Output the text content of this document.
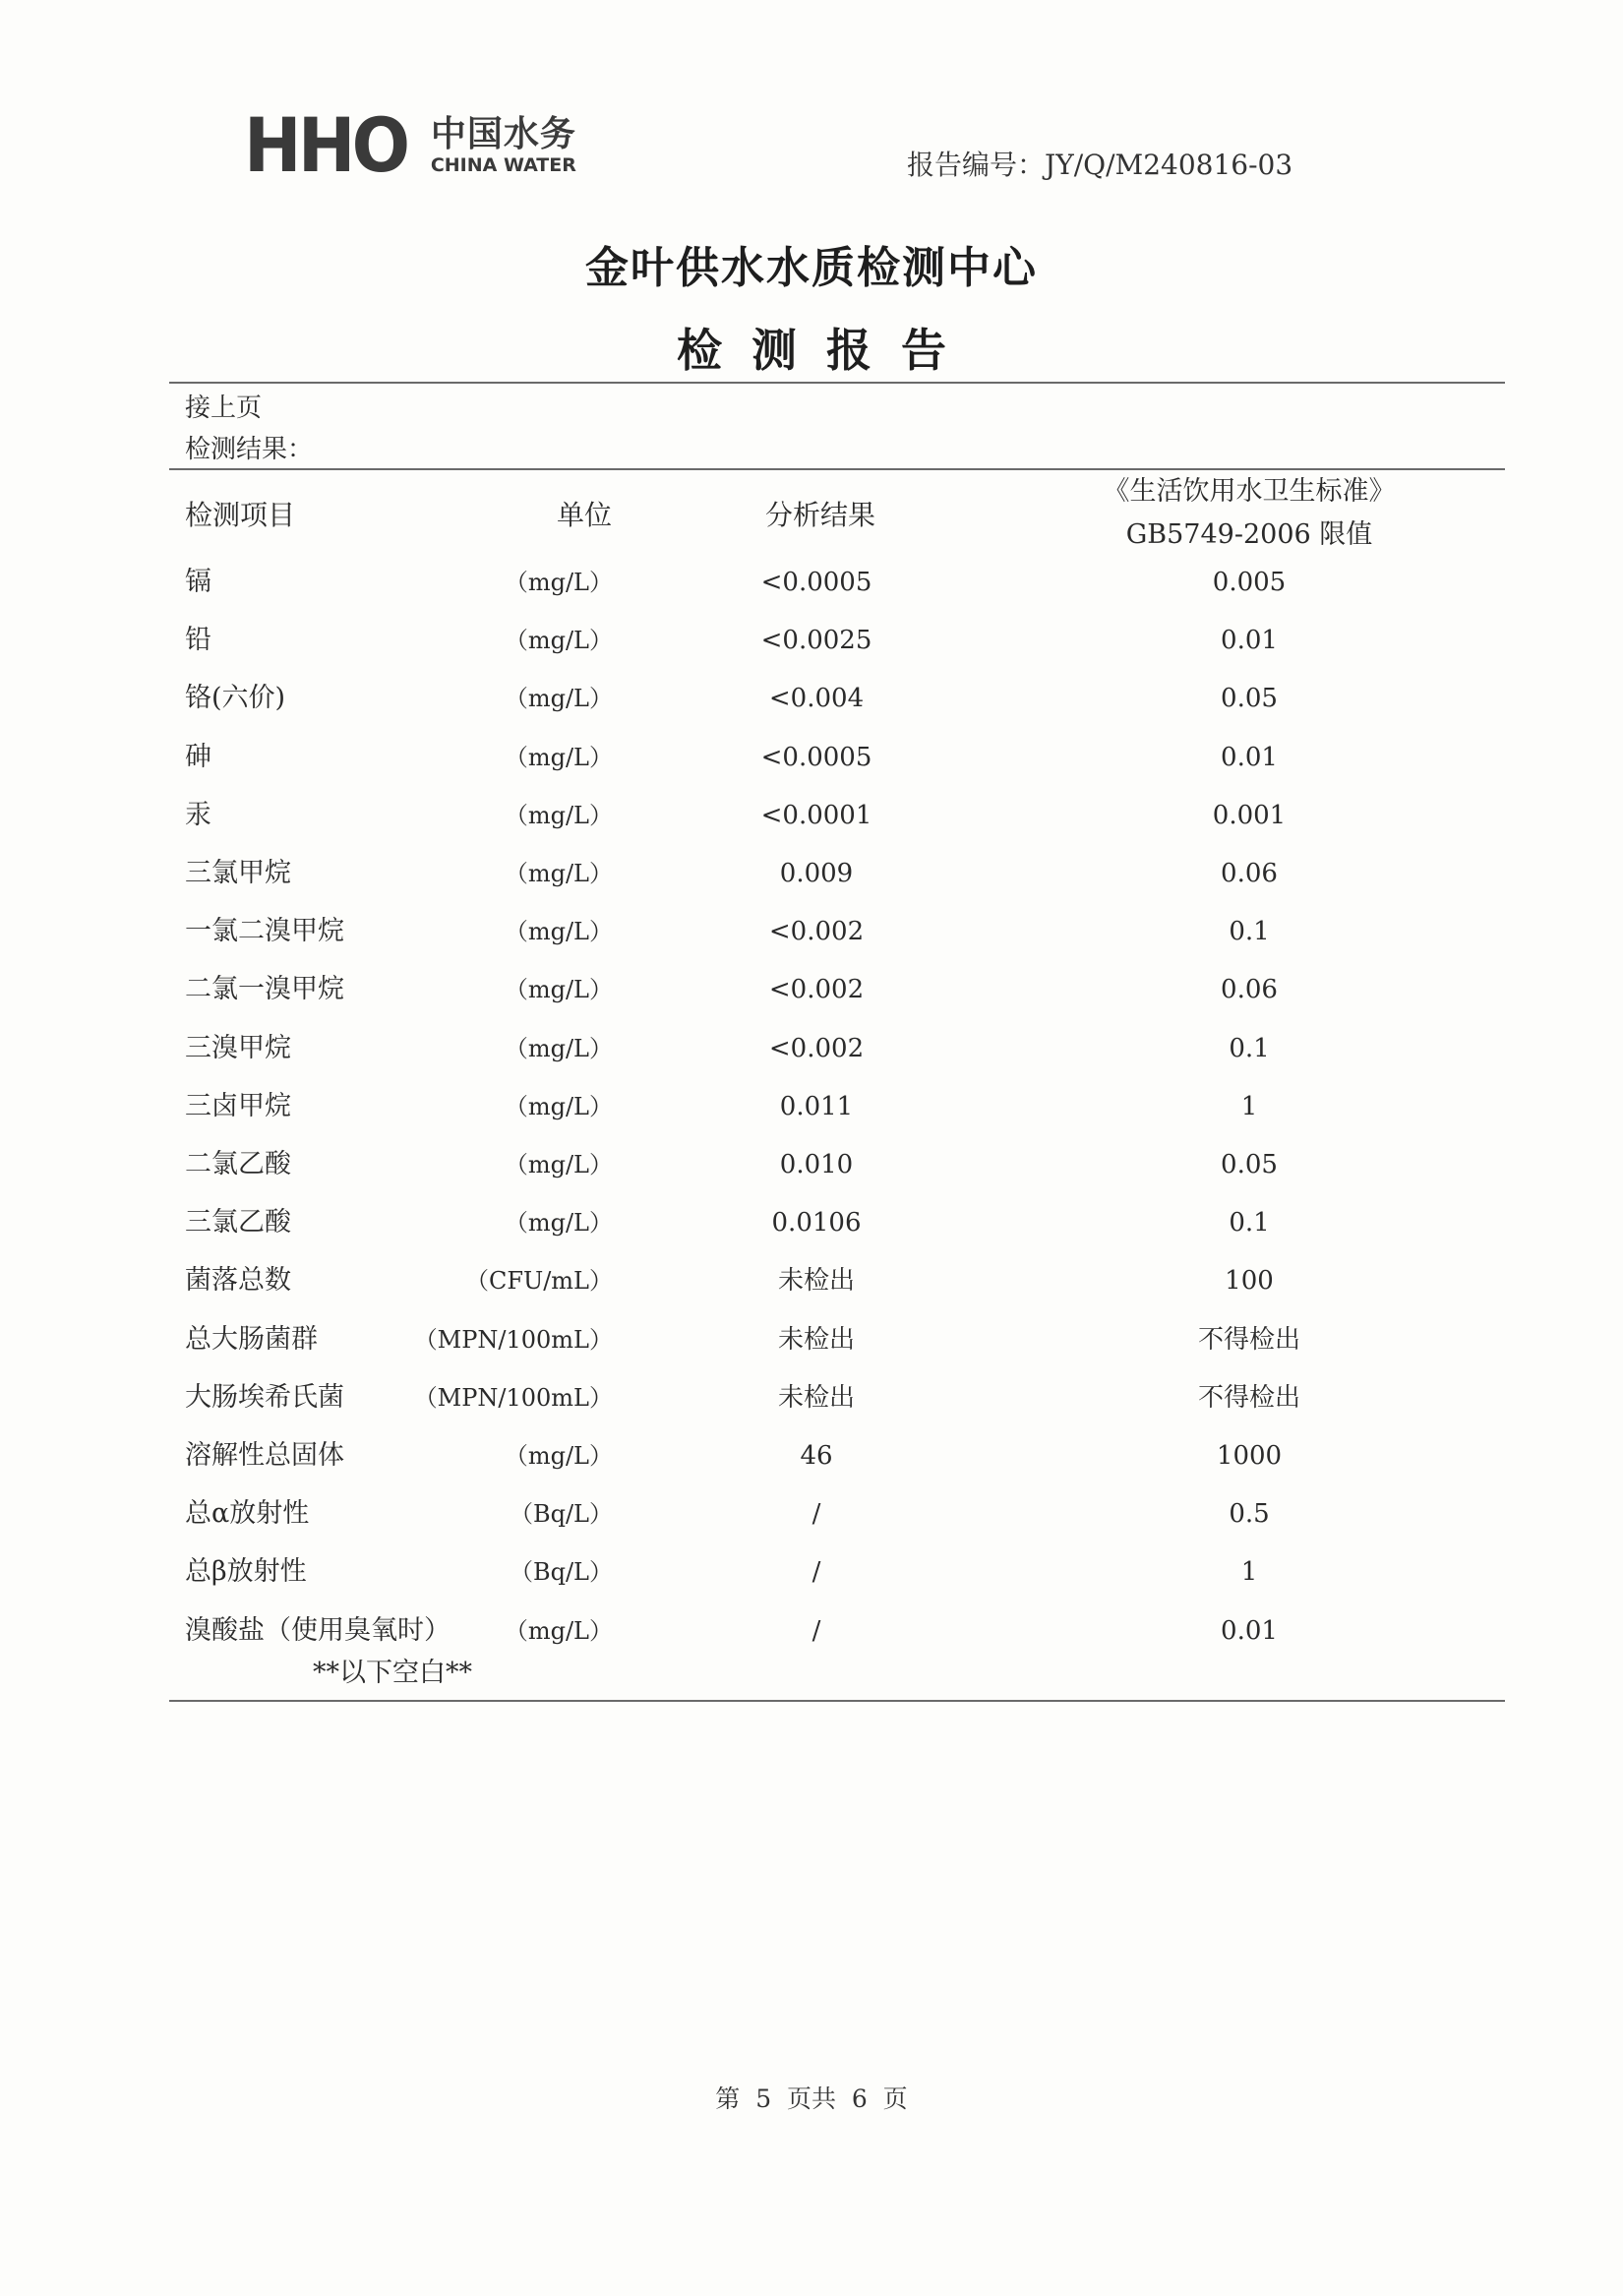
HHO 中国水务
CHINA WATER	报告编号：JY/Q/M240816-03
金叶供水水质检测中心
检测报告
接上页
检测结果：
检测项目	单位	分析结果
《生活饮用水卫生标准》
GB5749-2006 限值
镉	（mg/L）	<0.0005	0.005
铅	（mg/L）	<0.0025	0.01
铬(六价)	（mg/L）	<0.004	0.05
砷	（mg/L）	<0.0005	0.01
汞	（mg/L）	<0.0001	0.001
三氯甲烷	（mg/L）	0.009	0.06
一氯二溴甲烷	（mg/L）	<0.002	0.1
二氯一溴甲烷	（mg/L）	<0.002	0.06
三溴甲烷	（mg/L）	<0.002	0.1
三卤甲烷	（mg/L）	0.011	1
二氯乙酸	（mg/L）	0.010	0.05
三氯乙酸	（mg/L）	0.0106	0.1
菌落总数	（CFU/mL）	未检出	100
总大肠菌群	（MPN/100mL）	未检出	不得检出
大肠埃希氏菌	（MPN/100mL）	未检出	不得检出
溶解性总固体	（mg/L）	46	1000
总α放射性	（Bq/L）	/	0.5
总β放射性	（Bq/L）	/	1
溴酸盐（使用臭氧时） （mg/L）	/	0.01
**以下空白**
第  5  页共  6  页
